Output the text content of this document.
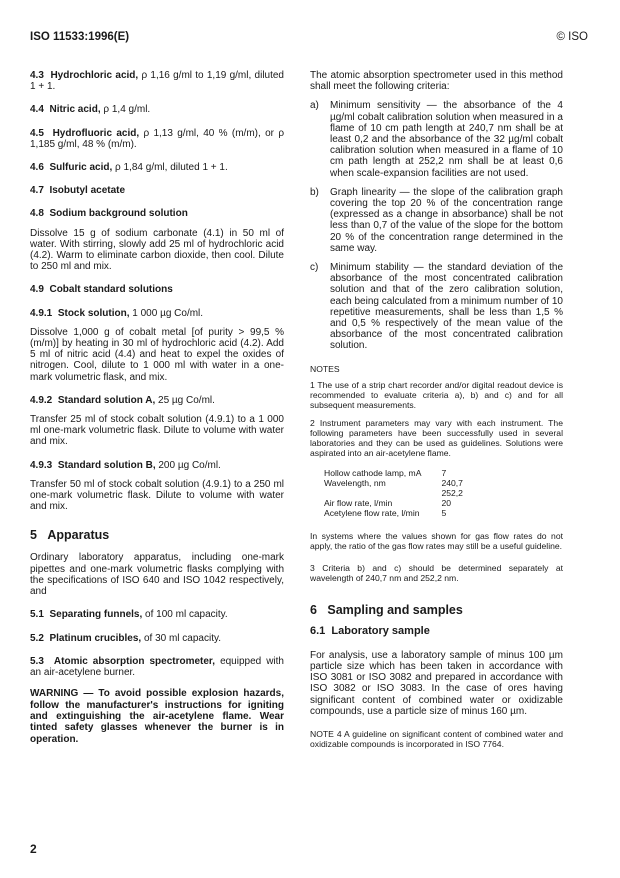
ISO 11533:1996(E)	© ISO

4.3 Hydrochloric acid, ρ 1,16 g/ml to 1,19 g/ml, diluted 1 + 1.

4.4 Nitric acid, ρ 1,4 g/ml.

4.5 Hydrofluoric acid, ρ 1,13 g/ml, 40 % (m/m), or ρ 1,185 g/ml, 48 % (m/m).

4.6 Sulfuric acid, ρ 1,84 g/ml, diluted 1 + 1.

4.7 Isobutyl acetate

4.8 Sodium background solution

Dissolve 15 g of sodium carbonate (4.1) in 50 ml of water. With stirring, slowly add 25 ml of hydrochloric acid (4.2). Warm to eliminate carbon dioxide, then cool. Dilute to 250 ml and mix.

4.9 Cobalt standard solutions

4.9.1 Stock solution, 1 000 µg Co/ml.

Dissolve 1,000 g of cobalt metal [of purity > 99,5 % (m/m)] by heating in 30 ml of hydrochloric acid (4.2). Add 5 ml of nitric acid (4.4) and heat to expel the oxides of nitrogen. Cool, dilute to 1 000 ml with water in a one-mark volumetric flask, and mix.

4.9.2 Standard solution A, 25 µg Co/ml.

Transfer 25 ml of stock cobalt solution (4.9.1) to a 1 000 ml one-mark volumetric flask. Dilute to volume with water and mix.

4.9.3 Standard solution B, 200 µg Co/ml.

Transfer 50 ml of stock cobalt solution (4.9.1) to a 250 ml one-mark volumetric flask. Dilute to volume with water and mix.

5 Apparatus

Ordinary laboratory apparatus, including one-mark pipettes and one-mark volumetric flasks complying with the specifications of ISO 640 and ISO 1042 respectively, and

5.1 Separating funnels, of 100 ml capacity.

5.2 Platinum crucibles, of 30 ml capacity.

5.3 Atomic absorption spectrometer, equipped with an air-acetylene burner.

WARNING — To avoid possible explosion hazards, follow the manufacturer's instructions for igniting and extinguishing the air-acetylene flame. Wear tinted safety glasses whenever the burner is in operation.

The atomic absorption spectrometer used in this method shall meet the following criteria:

a)	Minimum sensitivity — the absorbance of the 4 µg/ml cobalt calibration solution when measured in a flame of 10 cm path length at 240,7 nm shall be at least 0,2 and the absorbance of the 32 µg/ml cobalt calibration solution when measured in a flame of 10 cm path length at 252,2 nm shall be at least 0,6 when scale-expansion facilities are not used.
b)	Graph linearity — the slope of the calibration graph covering the top 20 % of the concentration range (expressed as a change in absorbance) shall be not less than 0,7 of the value of the slope for the bottom 20 % of the concentration range determined in the same way.
c)	Minimum stability — the standard deviation of the absorbance of the most concentrated calibration solution and that of the zero calibration solution, each being calculated from a minimum number of 10 repetitive measurements, shall be less than 1,5 % and 0,5 % respectively of the mean value of the absorbance of the most concentrated calibration solution.

NOTES

1 The use of a strip chart recorder and/or digital readout device is recommended to evaluate criteria a), b) and c) and for all subsequent measurements.

2 Instrument parameters may vary with each instrument. The following parameters have been successfully used in several laboratories and they can be used as guidelines. Solutions were aspirated into an air-acetylene flame.

Hollow cathode lamp, mA	7
Wavelength, nm	240,7
	252,2
Air flow rate, l/min	20
Acetylene flow rate, l/min	5

In systems where the values shown for gas flow rates do not apply, the ratio of the gas flow rates may still be a useful guideline.

3 Criteria b) and c) should be determined separately at wavelength of 240,7 nm and 252,2 nm.

6 Sampling and samples

6.1 Laboratory sample

For analysis, use a laboratory sample of minus 100 µm particle size which has been taken in accordance with ISO 3081 or ISO 3082 and prepared in accordance with ISO 3082 or ISO 3083. In the case of ores having significant content of combined water or oxidizable compounds, use a particle size of minus 160 µm.

NOTE 4 A guideline on significant content of combined water and oxidizable compounds is incorporated in ISO 7764.

2
